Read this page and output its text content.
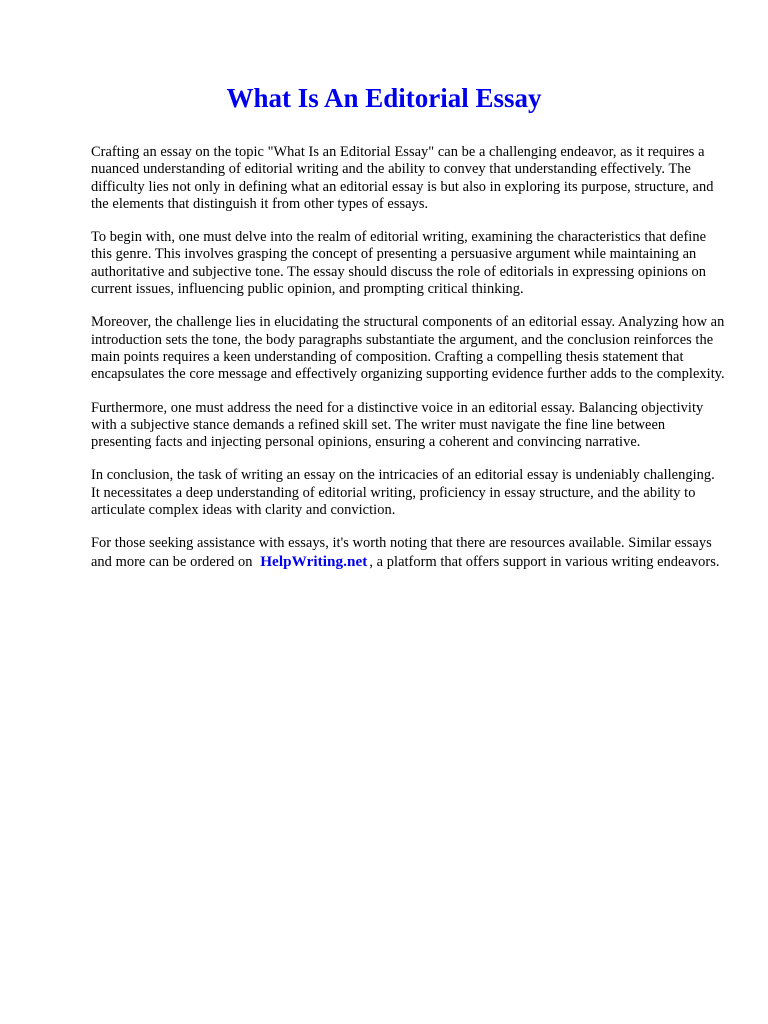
What Is An Editorial Essay

Crafting an essay on the topic "What Is an Editorial Essay" can be a challenging endeavor, as it requires a nuanced understanding of editorial writing and the ability to convey that understanding effectively. The difficulty lies not only in defining what an editorial essay is but also in exploring its purpose, structure, and the elements that distinguish it from other types of essays.

To begin with, one must delve into the realm of editorial writing, examining the characteristics that define this genre. This involves grasping the concept of presenting a persuasive argument while maintaining an authoritative and subjective tone. The essay should discuss the role of editorials in expressing opinions on current issues, influencing public opinion, and prompting critical thinking.

Moreover, the challenge lies in elucidating the structural components of an editorial essay. Analyzing how an introduction sets the tone, the body paragraphs substantiate the argument, and the conclusion reinforces the main points requires a keen understanding of composition. Crafting a compelling thesis statement that encapsulates the core message and effectively organizing supporting evidence further adds to the complexity.

Furthermore, one must address the need for a distinctive voice in an editorial essay. Balancing objectivity with a subjective stance demands a refined skill set. The writer must navigate the fine line between presenting facts and injecting personal opinions, ensuring a coherent and convincing narrative.

In conclusion, the task of writing an essay on the intricacies of an editorial essay is undeniably challenging. It necessitates a deep understanding of editorial writing, proficiency in essay structure, and the ability to articulate complex ideas with clarity and conviction.

For those seeking assistance with essays, it's worth noting that there are resources available. Similar essays and more can be ordered on HelpWriting.net , a platform that offers support in various writing endeavors.
